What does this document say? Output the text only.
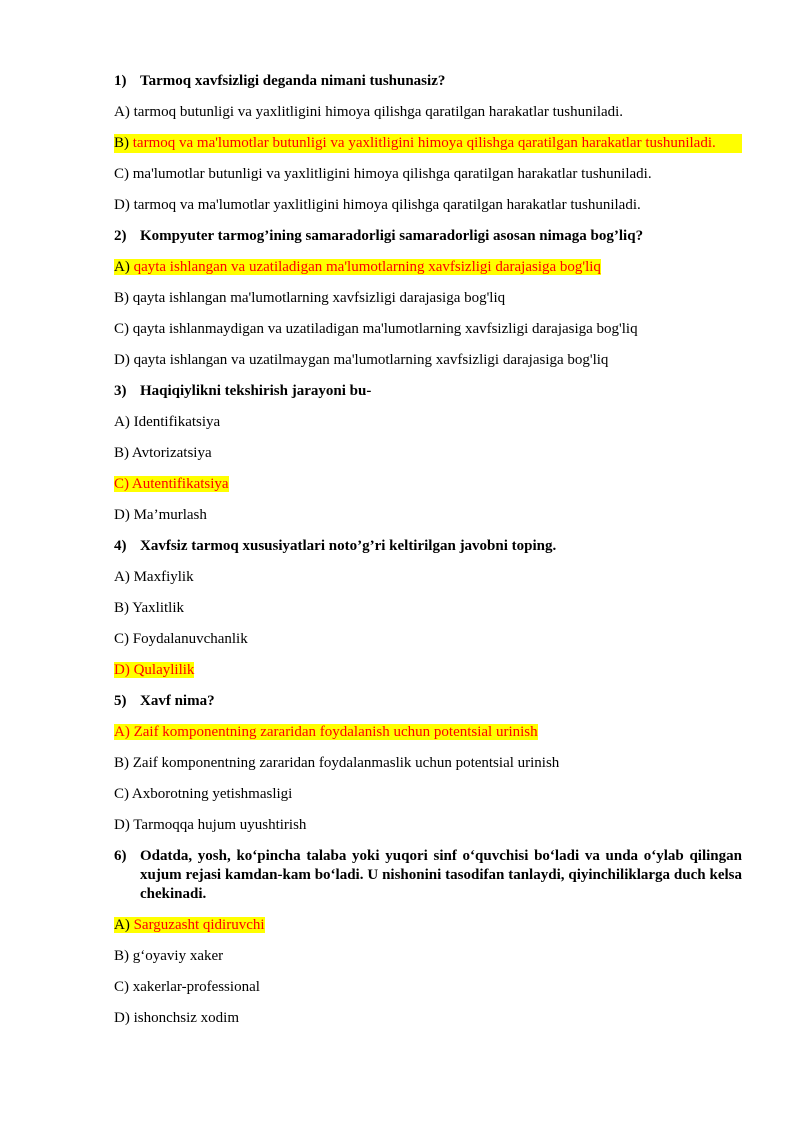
1) Tarmoq xavfsizligi deganda nimani tushunasiz?
A) tarmoq butunligi va yaxlitligini himoya qilishga qaratilgan harakatlar tushuniladi.
B) tarmoq va ma'lumotlar butunligi va yaxlitligini himoya qilishga qaratilgan harakatlar tushuniladi.
C) ma'lumotlar butunligi va yaxlitligini himoya qilishga qaratilgan harakatlar tushuniladi.
D) tarmoq va ma'lumotlar yaxlitligini himoya qilishga qaratilgan harakatlar tushuniladi.
2) Kompyuter tarmog’ining samaradorligi samaradorligi asosan nimaga bog’liq?
A) qayta ishlangan va uzatiladigan ma'lumotlarning xavfsizligi darajasiga bog'liq
B) qayta ishlangan ma'lumotlarning xavfsizligi darajasiga bog'liq
C) qayta ishlanmaydigan va uzatiladigan ma'lumotlarning xavfsizligi darajasiga bog'liq
D) qayta ishlangan va uzatilmaygan ma'lumotlarning xavfsizligi darajasiga bog'liq
3) Haqiqiylikni tekshirish jarayoni bu-
A) Identifikatsiya
B) Avtorizatsiya
C) Autentifikatsiya
D) Ma’murlash
4) Xavfsiz tarmoq xususiyatlari noto’g’ri keltirilgan javobni toping.
A) Maxfiylik
B) Yaxlitlik
C) Foydalanuvchanlik
D) Qulaylilik
5) Xavf nima?
A) Zaif komponentning zararidan foydalanish uchun potentsial urinish
B) Zaif komponentning zararidan foydalanmaslik uchun potentsial urinish
C) Axborotning yetishmasligi
D) Tarmoqqa hujum uyushtirish
6) Odatda, yosh, ko‘pincha talaba yoki yuqori sinf o‘quvchisi bo‘ladi va unda o‘ylab qilingan xujum rejasi kamdan-kam bo‘ladi. U nishonini tasodifan tanlaydi, qiyinchiliklarga duch kelsa chekinadi.
A) Sarguzasht qidiruvchi
B) g‘oyaviy xaker
C) xakerlar-professional
D) ishonchsiz xodim
